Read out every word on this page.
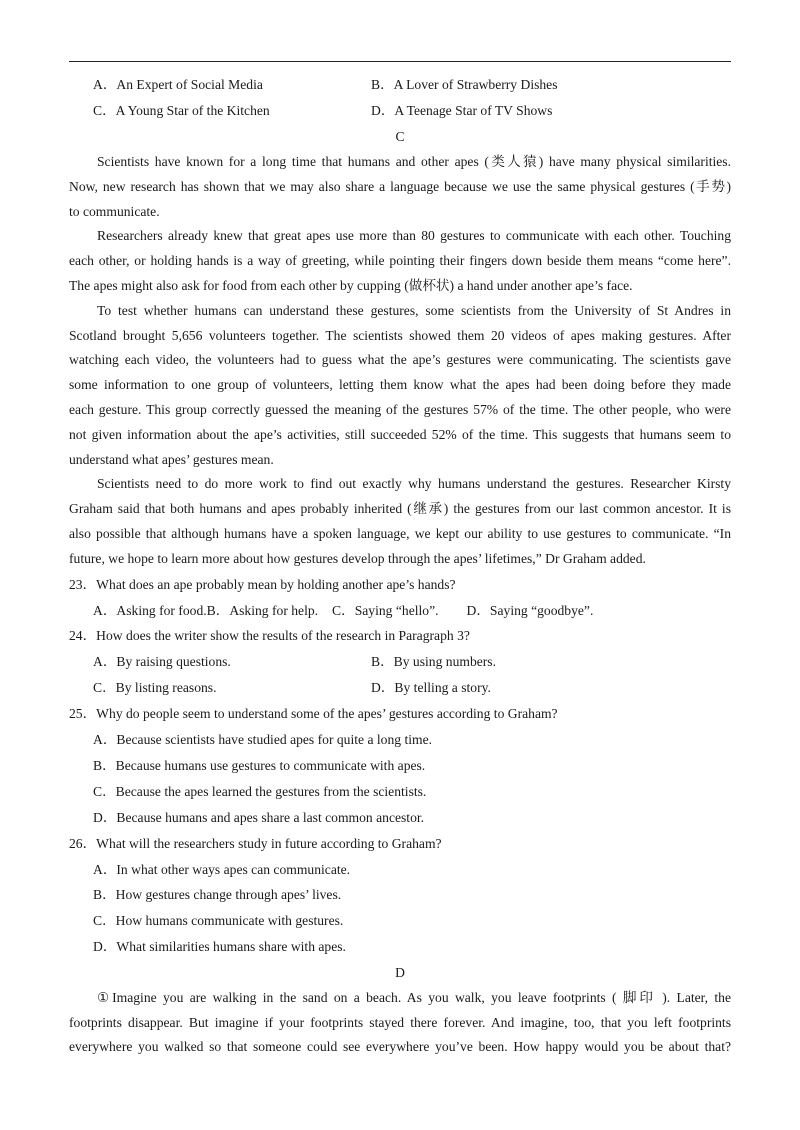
A．An Expert of Social Media	B．A Lover of Strawberry Dishes
C．A Young Star of the Kitchen	D．A Teenage Star of TV Shows
C
Scientists have known for a long time that humans and other apes (类人猿) have many physical similarities.
Now, new research has shown that we may also share a language because we use the same physical gestures (手势)
to communicate.
Researchers already knew that great apes use more than 80 gestures to communicate with each other. Touching
each other, or holding hands is a way of greeting, while pointing their fingers down beside them means “come here”.
The apes might also ask for food from each other by cupping (做杯状) a hand under another ape’s face.
To test whether humans can understand these gestures, some scientists from the University of St Andres in
Scotland brought 5,656 volunteers together. The scientists showed them 20 videos of apes making gestures. After
watching each video, the volunteers had to guess what the ape’s gestures were communicating. The scientists gave
some information to one group of volunteers, letting them know what the apes had been doing before they made
each gesture. This group correctly guessed the meaning of the gestures 57% of the time. The other people, who were
not given information about the ape’s activities, still succeeded 52% of the time. This suggests that humans seem to
understand what apes’ gestures mean.
Scientists need to do more work to find out exactly why humans understand the gestures. Researcher Kirsty
Graham said that both humans and apes probably inherited (继承) the gestures from our last common ancestor. It is
also possible that although humans have a spoken language, we kept our ability to use gestures to communicate. “In
future, we hope to learn more about how gestures develop through the apes’ lifetimes,” Dr Graham added.
23．What does an ape probably mean by holding another ape’s hands?
A．Asking for food.B．Asking for help. C．Saying “hello”. D．Saying “goodbye”.
24．How does the writer show the results of the research in Paragraph 3?
A．By raising questions.	B．By using numbers.
C．By listing reasons.	D．By telling a story.
25．Why do people seem to understand some of the apes’ gestures according to Graham?
A．Because scientists have studied apes for quite a long time.
B．Because humans use gestures to communicate with apes.
C．Because the apes learned the gestures from the scientists.
D．Because humans and apes share a last common ancestor.
26．What will the researchers study in future according to Graham?
A．In what other ways apes can communicate.
B．How gestures change through apes’ lives.
C．How humans communicate with gestures.
D．What similarities humans share with apes.
D
①Imagine you are walking in the sand on a beach. As you walk, you leave footprints ( 脚印 ). Later, the
footprints disappear. But imagine if your footprints stayed there forever. And imagine, too, that you left footprints
everywhere you walked so that someone could see everywhere you’ve been. How happy would you be about that?
